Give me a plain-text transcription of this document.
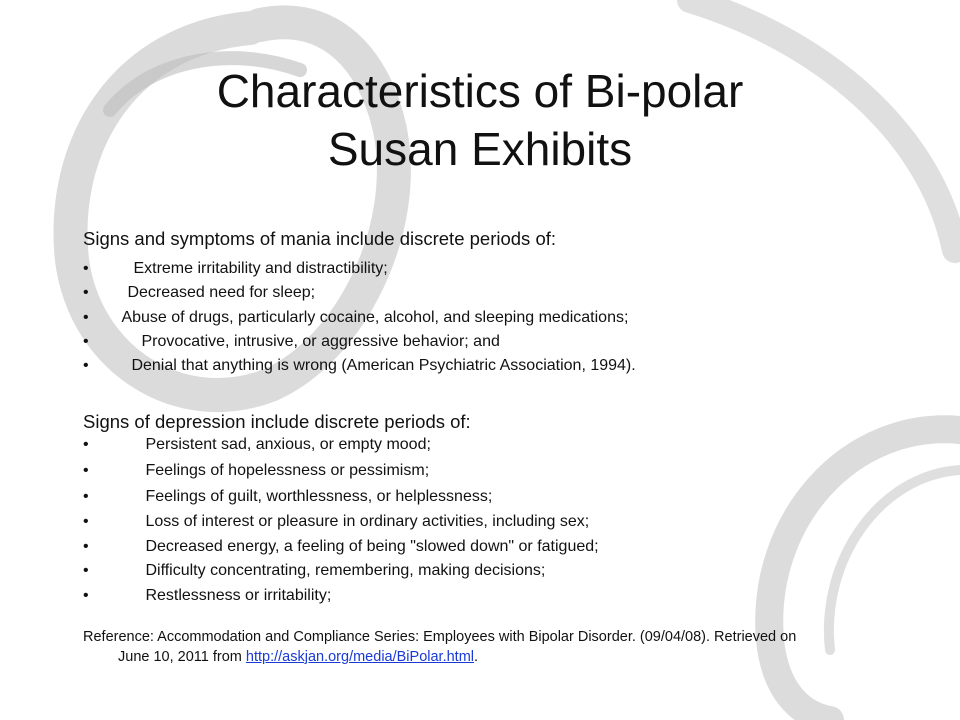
Characteristics of Bi-polar
Susan Exhibits
Signs and symptoms of mania include discrete periods of:
•	Extreme irritability and distractibility;
• Decreased need for sleep;
• Abuse of drugs, particularly cocaine, alcohol, and sleeping medications;
•	Provocative, intrusive, or aggressive behavior; and
•	Denial that anything is wrong (American Psychiatric Association, 1994).
Signs of depression include discrete periods of:
•	Persistent sad, anxious, or empty mood;
•	Feelings of hopelessness or pessimism;
•	Feelings of guilt, worthlessness, or helplessness;
•	Loss of interest or pleasure in ordinary activities, including sex;
•	Decreased energy, a feeling of being "slowed down" or fatigued;
•	Difficulty concentrating, remembering, making decisions;
•	Restlessness or irritability;
Reference: Accommodation and Compliance Series: Employees with Bipolar Disorder. (09/04/08). Retrieved on
June 10, 2011 from http://askjan.org/media/BiPolar.html.
